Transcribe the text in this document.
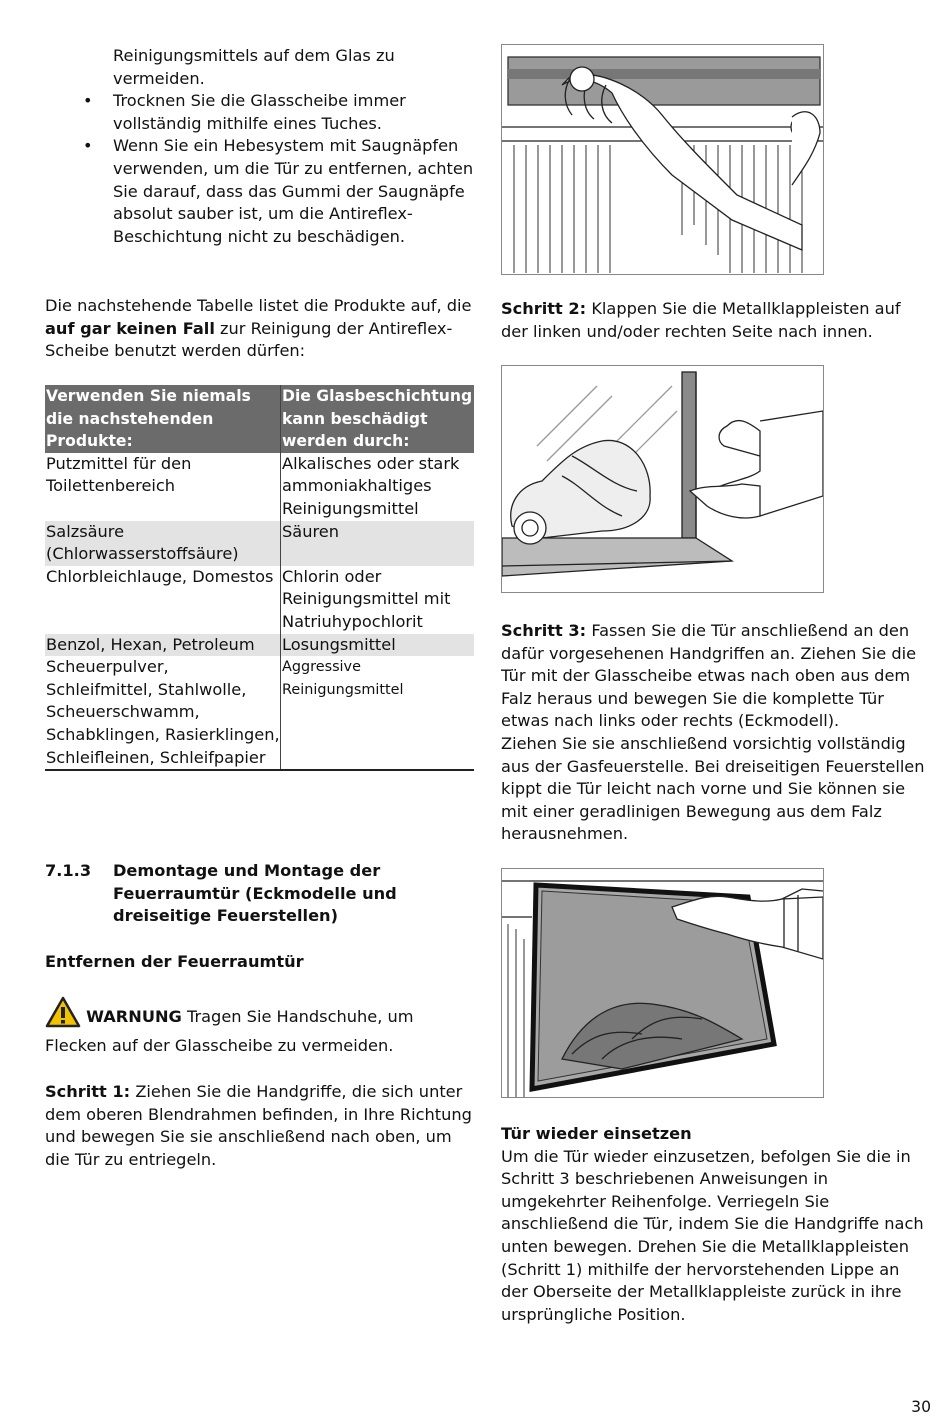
Reinigungsmittels auf dem Glas zu vermeiden.

• Trocknen Sie die Glasscheibe immer vollständig mithilfe eines Tuches.
• Wenn Sie ein Hebesystem mit Saugnäpfen verwenden, um die Tür zu entfernen, achten Sie darauf, dass das Gummi der Saugnäpfe absolut sauber ist, um die Antireflex- Beschichtung nicht zu beschädigen.

Die nachstehende Tabelle listet die Produkte auf, die auf gar keinen Fall zur Reinigung der Antireflex-Scheibe benutzt werden dürfen:

Verwenden Sie niemals die nachstehenden Produkte:	Die Glasbeschichtung kann beschädigt werden durch:
Putzmittel für den Toilettenbereich	Alkalisches oder stark ammoniakhaltiges Reinigungsmittel
Salzsäure (Chlorwasserstoffsäure)	Säuren
Chlorbleichlauge, Domestos	Chlorin oder Reinigungsmittel mit Natriuhypochlorit
Benzol, Hexan, Petroleum	Losungsmittel
Scheuerpulver, Schleifmittel, Stahlwolle, Scheuerschwamm, Schabklingen, Rasierklingen, Schleifleinen, Schleifpapier	Aggressive Reinigungsmittel
7.1.3	Demontage und Montage der Feuerraumtür (Eckmodelle und dreiseitige Feuerstellen)

Entfernen der Feuerraumtür

WARNUNG Tragen Sie Handschuhe, um Flecken auf der Glasscheibe zu vermeiden.

Schritt 1: Ziehen Sie die Handgriffe, die sich unter dem oberen Blendrahmen befinden, in Ihre Richtung und bewegen Sie sie anschließend nach oben, um die Tür zu entriegeln.

Schritt 2: Klappen Sie die Metallklappleisten auf der linken und/oder rechten Seite nach innen.

Schritt 3: Fassen Sie die Tür anschließend an den dafür vorgesehenen Handgriffen an. Ziehen Sie die Tür mit der Glasscheibe etwas nach oben aus dem Falz heraus und bewegen Sie die komplette Tür etwas nach links oder rechts (Eckmodell).

Ziehen Sie sie anschließend vorsichtig vollständig aus der Gasfeuerstelle. Bei dreiseitigen Feuerstellen kippt die Tür leicht nach vorne und Sie können sie mit einer geradlinigen Bewegung aus dem Falz herausnehmen.

Tür wieder einsetzen

Um die Tür wieder einzusetzen, befolgen Sie die in Schritt 3 beschriebenen Anweisungen in umgekehrter Reihenfolge. Verriegeln Sie anschließend die Tür, indem Sie die Handgriffe nach unten bewegen. Drehen Sie die Metallklappleisten (Schritt 1) mithilfe der hervorstehenden Lippe an der Oberseite der Metallklappleiste zurück in ihre ursprüngliche Position.

30
